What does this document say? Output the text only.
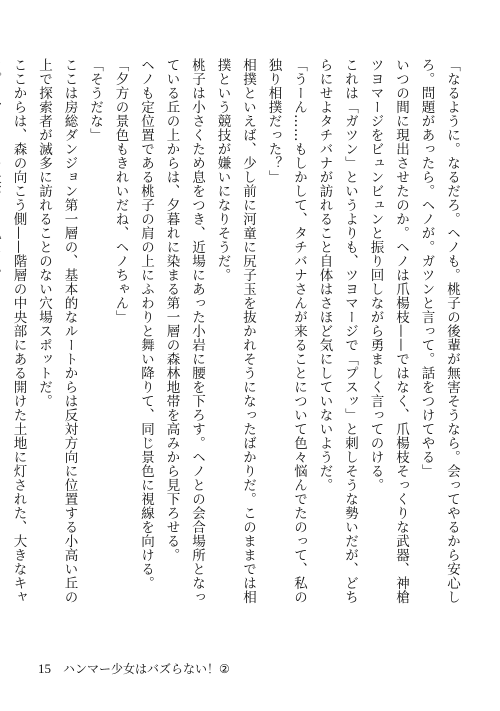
「なるように。なるだろ。ヘノも。桃子の後輩が無害そうなら。会ってやるから安心しろ。問題があったら。ヘノが。ガツンと言って。話をつけてやる」

いつの間に現出させたのか。ヘノは爪楊枝——ではなく、爪楊枝そっくりな武器、神槍ツヨマージをビュンビュンと振り回しながら勇ましく言ってのける。

これは「ガツン」というよりも、ツヨマージで「プスッ」と刺しそうな勢いだが、どちらにせよタチバナが訪れること自体はさほど気にしていないようだ。

「うーん……もしかして、タチバナさんが来ることについて色々悩んでたのって、私の独り相撲だった？」

相撲といえば、少し前に河童に尻子玉を抜かれそうになったばかりだ。このままでは相撲という競技が嫌いになりそうだ。

桃子は小さくため息をつき、近場にあった小岩に腰を下ろす。ヘノとの会合場所となっている丘の上からは、夕暮れに染まる第一層の森林地帯を高みから見下ろせる。

ヘノも定位置である桃子の肩の上にふわりと舞い降りて、同じ景色に視線を向ける。

「夕方の景色もきれいだね、ヘノちゃん」

「そうだな」

ここは房総ダンジョン第一層の、基本的なルートからは反対方向に位置する小高い丘の上で探索者が滅多に訪れることのない穴場スポットだ。

ここからは、森の向こう側——階層の中央部にある開けた土地に灯された、大きなキャ

15 ハンマー少女はバズらない！②
